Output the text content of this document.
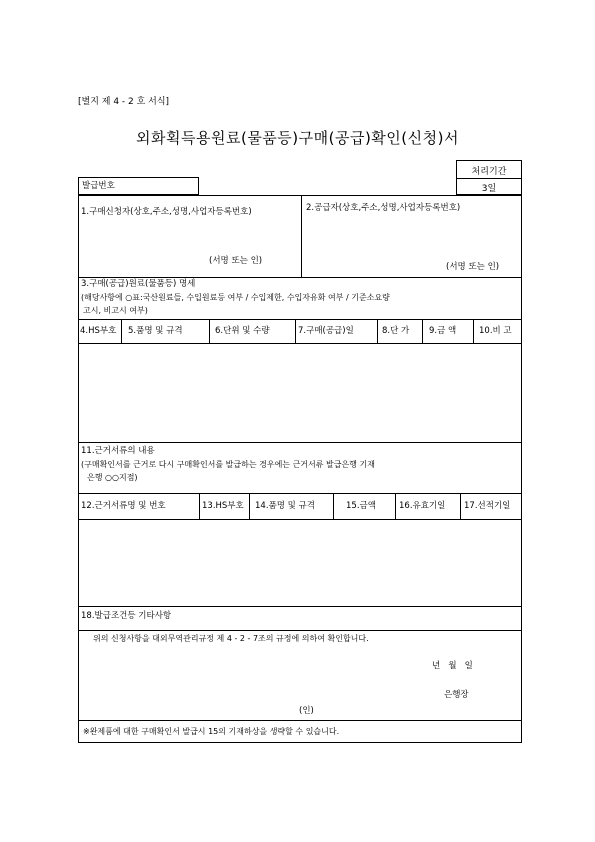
[별지 제 4 - 2 호 서식]
외화획득용원료(물품등)구매(공급)확인(신청)서
처리기간
3일
발급번호
1.구매신청자(상호,주소,성명,사업자등록번호)
(서명 또는 인)
2.공급자(상호,주소,성명,사업자등록번호)
(서명 또는 인)
3.구매(공급)원료(물품등) 명세
(해당사항에 ○표:국산원료들, 수입원료등 여부 / 수입제한, 수입자유화 여부 / 기준소요량
고시, 비고시 여부)
4.HS부호 5.품명 및 규격	6.단위 및 수량	7.구매(공급)일	8.단 가 9.금 액	10.비 고
11.근거서류의 내용
(구매확인서를 근거로 다시 구매확인서를 발급하는 경우에는 근거서류 발급은행 기재
은행 ○○지점)
12.근거서류명 및 번호	13.HS부호 14.품명 및 규격	15.금액	16.유효기일 17.선적기일
18.발급조건등 기타사항
위의 신청사항을 대외무역관리규정 제 4 - 2 - 7조의 규정에 의하여 확인합니다.
년   월   일
은행장
(인)
※완제품에 대한 구매확인서 발급시 15의 기재하상을 생략할 수 있습니다.
